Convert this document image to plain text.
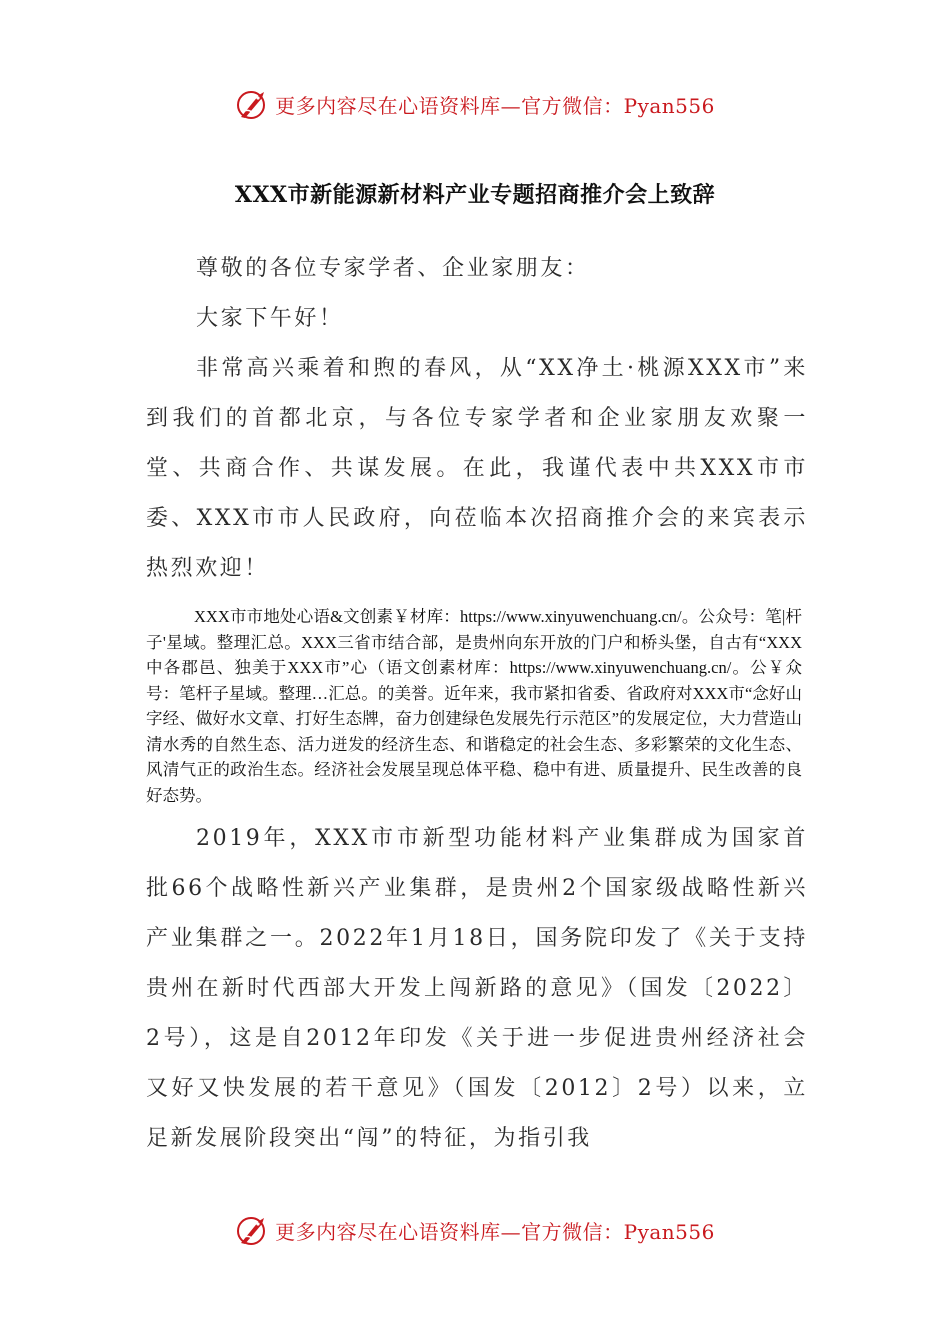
更多内容尽在心语资料库—官方微信：Pyan556
XXX市新能源新材料产业专题招商推介会上致辞

尊敬的各位专家学者、企业家朋友：

大家下午好！

非常高兴乘着和煦的春风，从“XX净土·桃源XXX市”来到我们的首都北京，与各位专家学者和企业家朋友欢聚一堂、共商合作、共谋发展。在此，我谨代表中共XXX市市委、XXX市市人民政府，向莅临本次招商推介会的来宾表示热烈欢迎！

XXX市市地处心语&文创素￥材库：https://www.xinyuwenchuang.cn/。公众号：笔|杆子'星域。整理汇总。XXX三省市结合部，是贵州向东开放的门户和桥头堡，自古有“XXX中各郡邑、独美于XXX市”心（语文创素材库：https://www.xinyuwenchuang.cn/。公￥众号：笔杆子星域。整理…汇总。的美誉。近年来，我市紧扣省委、省政府对XXX市“念好山字经、做好水文章、打好生态牌，奋力创建绿色发展先行示范区”的发展定位，大力营造山清水秀的自然生态、活力迸发的经济生态、和谐稳定的社会生态、多彩繁荣的文化生态、风清气正的政治生态。经济社会发展呈现总体平稳、稳中有进、质量提升、民生改善的良好态势。

2019年，XXX市市新型功能材料产业集群成为国家首批66个战略性新兴产业集群，是贵州2个国家级战略性新兴产业集群之一。2022年1月18日，国务院印发了《关于支持贵州在新时代西部大开发上闯新路的意见》（国发〔2022〕2号），这是自2012年印发《关于进一步促进贵州经济社会又好又快发展的若干意见》（国发〔2012〕2号）以来，立足新发展阶段突出“闯”的特征，为指引我

更多内容尽在心语资料库—官方微信：Pyan556
